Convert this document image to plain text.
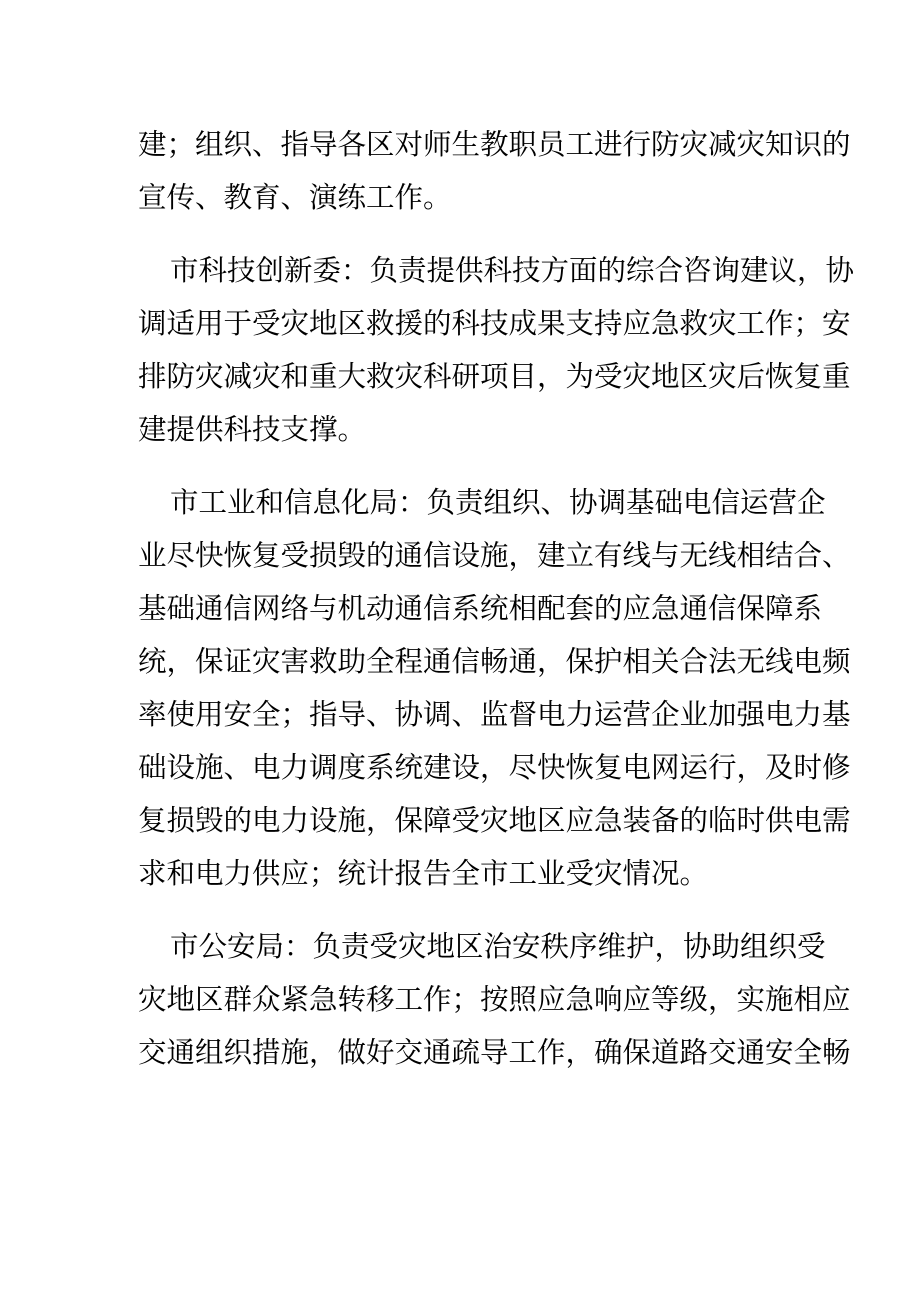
建；组织、指导各区对师生教职员工进行防灾减灾知识的
宣传、教育、演练工作。
市科技创新委：负责提供科技方面的综合咨询建议，协
调适用于受灾地区救援的科技成果支持应急救灾工作；安
排防灾减灾和重大救灾科研项目，为受灾地区灾后恢复重
建提供科技支撑。
市工业和信息化局：负责组织、协调基础电信运营企
业尽快恢复受损毁的通信设施，建立有线与无线相结合、
基础通信网络与机动通信系统相配套的应急通信保障系
统，保证灾害救助全程通信畅通，保护相关合法无线电频
率使用安全；指导、协调、监督电力运营企业加强电力基
础设施、电力调度系统建设，尽快恢复电网运行，及时修
复损毁的电力设施，保障受灾地区应急装备的临时供电需
求和电力供应；统计报告全市工业受灾情况。
市公安局：负责受灾地区治安秩序维护，协助组织受
灾地区群众紧急转移工作；按照应急响应等级，实施相应
交通组织措施，做好交通疏导工作，确保道路交通安全畅
